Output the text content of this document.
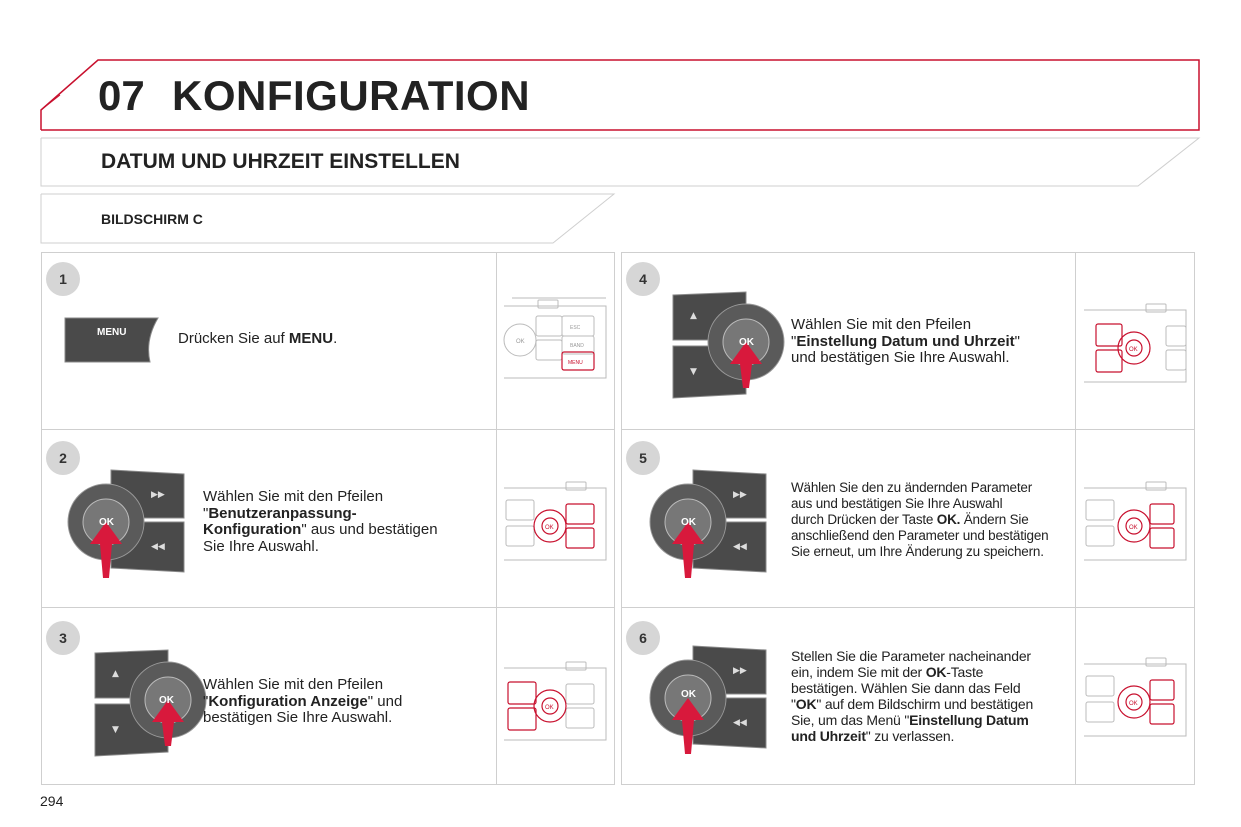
07 KONFIGURATION
DATUM UND UHRZEIT EINSTELLEN
BILDSCHIRM C
1
2
3
4
5
6
MENU	Drücken Sie auf MENU.	OK
ESC
BAND
MENU
▶▶
◀◀
OK
Wählen Sie mit den Pfeilen
"Benutzeranpassung-
Konfiguration" aus und bestätigen
Sie Ihre Auswahl.
OK
▲
▼
OK
Wählen Sie mit den Pfeilen
"Konfiguration Anzeige" und
bestätigen Sie Ihre Auswahl.
OK
▲
▼
OK
Wählen Sie mit den Pfeilen
"Einstellung Datum und Uhrzeit"
und bestätigen Sie Ihre Auswahl.	OK
▶▶
◀◀
OK
Wählen Sie den zu ändernden Parameter
aus und bestätigen Sie Ihre Auswahl
durch Drücken der Taste OK. Ändern Sie
anschließend den Parameter und bestätigen
Sie erneut, um Ihre Änderung zu speichern.
OK
▶▶
◀◀
OK
Stellen Sie die Parameter nacheinander
ein, indem Sie mit der OK-Taste
bestätigen. Wählen Sie dann das Feld
"OK" auf dem Bildschirm und bestätigen
Sie, um das Menü "Einstellung Datum
und Uhrzeit" zu verlassen.
OK
294
